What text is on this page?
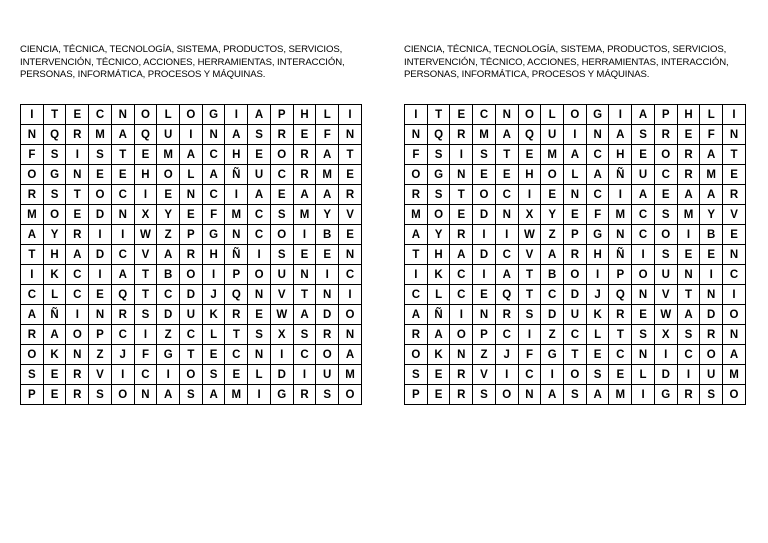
CIENCIA, TÉCNICA, TECNOLOGÍA, SISTEMA, PRODUCTOS, SERVICIOS,
INTERVENCIÓN, TÉCNICO, ACCIONES, HERRAMIENTAS, INTERACCIÓN,
PERSONAS, INFORMÁTICA, PROCESOS Y MÁQUINAS.

I	T	E	C	N	O	L	O	G	I	A	P	H	L	I
N	Q	R	M	A	Q	U	I	N	A	S	R	E	F	N
F	S	I	S	T	E	M	A	C	H	E	O	R	A	T
O	G	N	E	E	H	O	L	A	Ñ	U	C	R	M	E
R	S	T	O	C	I	E	N	C	I	A	E	A	A	R
M	O	E	D	N	X	Y	E	F	M	C	S	M	Y	V
A	Y	R	I	I	W	Z	P	G	N	C	O	I	B	E
T	H	A	D	C	V	A	R	H	Ñ	I	S	E	E	N
I	K	C	I	A	T	B	O	I	P	O	U	N	I	C
C	L	C	E	Q	T	C	D	J	Q	N	V	T	N	I
A	Ñ	I	N	R	S	D	U	K	R	E	W	A	D	O
R	A	O	P	C	I	Z	C	L	T	S	X	S	R	N
O	K	N	Z	J	F	G	T	E	C	N	I	C	O	A
S	E	R	V	I	C	I	O	S	E	L	D	I	U	M
P	E	R	S	O	N	A	S	A	M	I	G	R	S	O

CIENCIA, TÉCNICA, TECNOLOGÍA, SISTEMA, PRODUCTOS, SERVICIOS,
INTERVENCIÓN, TÉCNICO, ACCIONES, HERRAMIENTAS, INTERACCIÓN,
PERSONAS, INFORMÁTICA, PROCESOS Y MÁQUINAS.

I	T	E	C	N	O	L	O	G	I	A	P	H	L	I
N	Q	R	M	A	Q	U	I	N	A	S	R	E	F	N
F	S	I	S	T	E	M	A	C	H	E	O	R	A	T
O	G	N	E	E	H	O	L	A	Ñ	U	C	R	M	E
R	S	T	O	C	I	E	N	C	I	A	E	A	A	R
M	O	E	D	N	X	Y	E	F	M	C	S	M	Y	V
A	Y	R	I	I	W	Z	P	G	N	C	O	I	B	E
T	H	A	D	C	V	A	R	H	Ñ	I	S	E	E	N
I	K	C	I	A	T	B	O	I	P	O	U	N	I	C
C	L	C	E	Q	T	C	D	J	Q	N	V	T	N	I
A	Ñ	I	N	R	S	D	U	K	R	E	W	A	D	O
R	A	O	P	C	I	Z	C	L	T	S	X	S	R	N
O	K	N	Z	J	F	G	T	E	C	N	I	C	O	A
S	E	R	V	I	C	I	O	S	E	L	D	I	U	M
P	E	R	S	O	N	A	S	A	M	I	G	R	S	O
